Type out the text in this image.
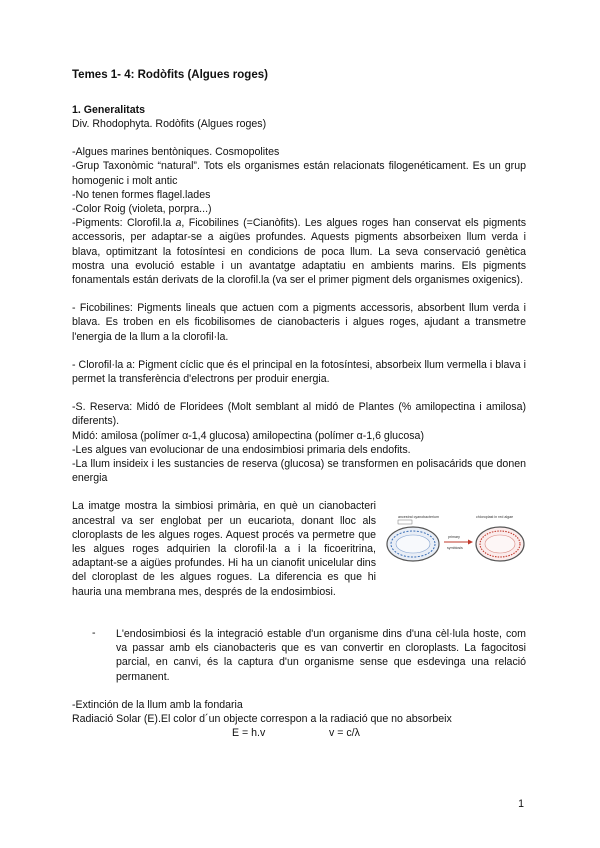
Temes 1- 4: Rodòfits (Algues roges)
1. Generalitats

Div. Rhodophyta. Rodòfits (Algues roges)

-Algues marines bentòniques. Cosmopolites

-Grup Taxonòmic “natural”. Tots els organismes están relacionats filogenéticament. Es un grup homogenic i molt antic

-No tenen formes flagel.lades

-Color Roig (violeta, porpra...)

-Pigments: Clorofil.la a, Ficobilines (=Cianòfits). Les algues roges han conservat els pigments accessoris, per adaptar-se a aigües profundes. Aquests pigments absorbeixen llum verda i blava, optimitzant la fotosíntesi en condicions de poca llum. La seva conservació genètica mostra una evolució estable i un avantatge adaptatiu en ambients marins. Els pigments fonamentals están derivats de la clorofil.la (va ser el primer pigment dels organismes oxigenics).

- Ficobilines: Pigments lineals que actuen com a pigments accessoris, absorbent llum verda i blava. Es troben en els ficobilisomes de cianobacteris i algues roges, ajudant a transmetre l'energia de la llum a la clorofil·la.

- Clorofil·la a: Pigment cíclic que és el principal en la fotosíntesi, absorbeix llum vermella i blava i permet la transferència d'electrons per produir energia.

-S. Reserva: Midó de Floridees (Molt semblant al midó de Plantes (% amilopectina i amilosa) diferents).

Midó: amilosa (polímer α-1,4 glucosa) amilopectina (polímer α-1,6 glucosa)

-Les algues van evolucionar de una endosimbiosi primaria dels endofits.

-La llum insideix i les sustancies de reserva (glucosa) se transformen en polisacárids que donen energia

La imatge mostra la simbiosi primària, en què un cianobacteri ancestral va ser englobat per un eucariota, donant lloc als cloroplasts de les algues roges. Aquest procés va permetre que les algues roges adquirien la clorofil·la a i la ficoeritrina, adaptant-se a aigües profundes. Hi ha un cianofit unicelular dins del cloroplast de les algues rogues. La diferencia es que hi hauria una membrana mes, després de la endosimbiosi.

ancestral cyanobacterium
primary
symbiosis
chloroplast in red algae
-	L'endosimbiosi és la integració estable d'un organisme dins d'una cèl·lula hoste, com va passar amb els cianobacteris que es van convertir en cloroplasts. La fagocitosi parcial, en canvi, és la captura d'un organisme sense que esdevinga una relació permanent.

-Extinción de la llum amb la fondaria

Radiació Solar (E).El color d´un objecte correspon a la radiació que no absorbeix

E = h.v	v = c/λ
1
